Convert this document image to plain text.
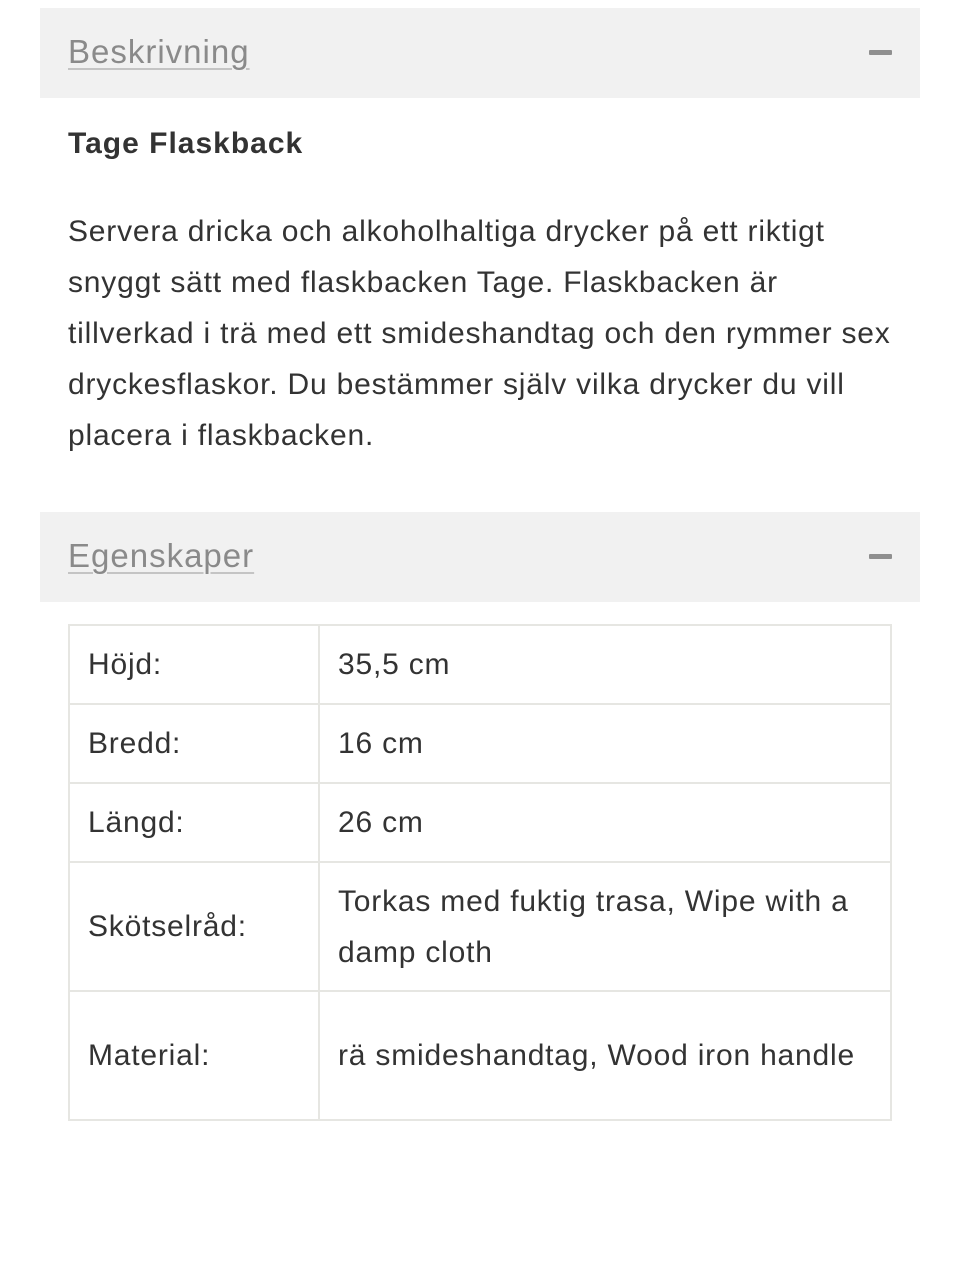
Beskrivning

Tage Flaskback

Servera dricka och alkoholhaltiga drycker på ett riktigt snyggt sätt med flaskbacken Tage. Flaskbacken är tillverkad i trä med ett smideshandtag och den rymmer sex dryckesflaskor. Du bestämmer själv vilka drycker du vill placera i flaskbacken.

Egenskaper
Höjd:	35,5 cm
Bredd:	16 cm
Längd:	26 cm
Skötselråd:	Torkas med fuktig trasa, Wipe with a damp cloth
Material:	rä smideshandtag, Wood iron handle
